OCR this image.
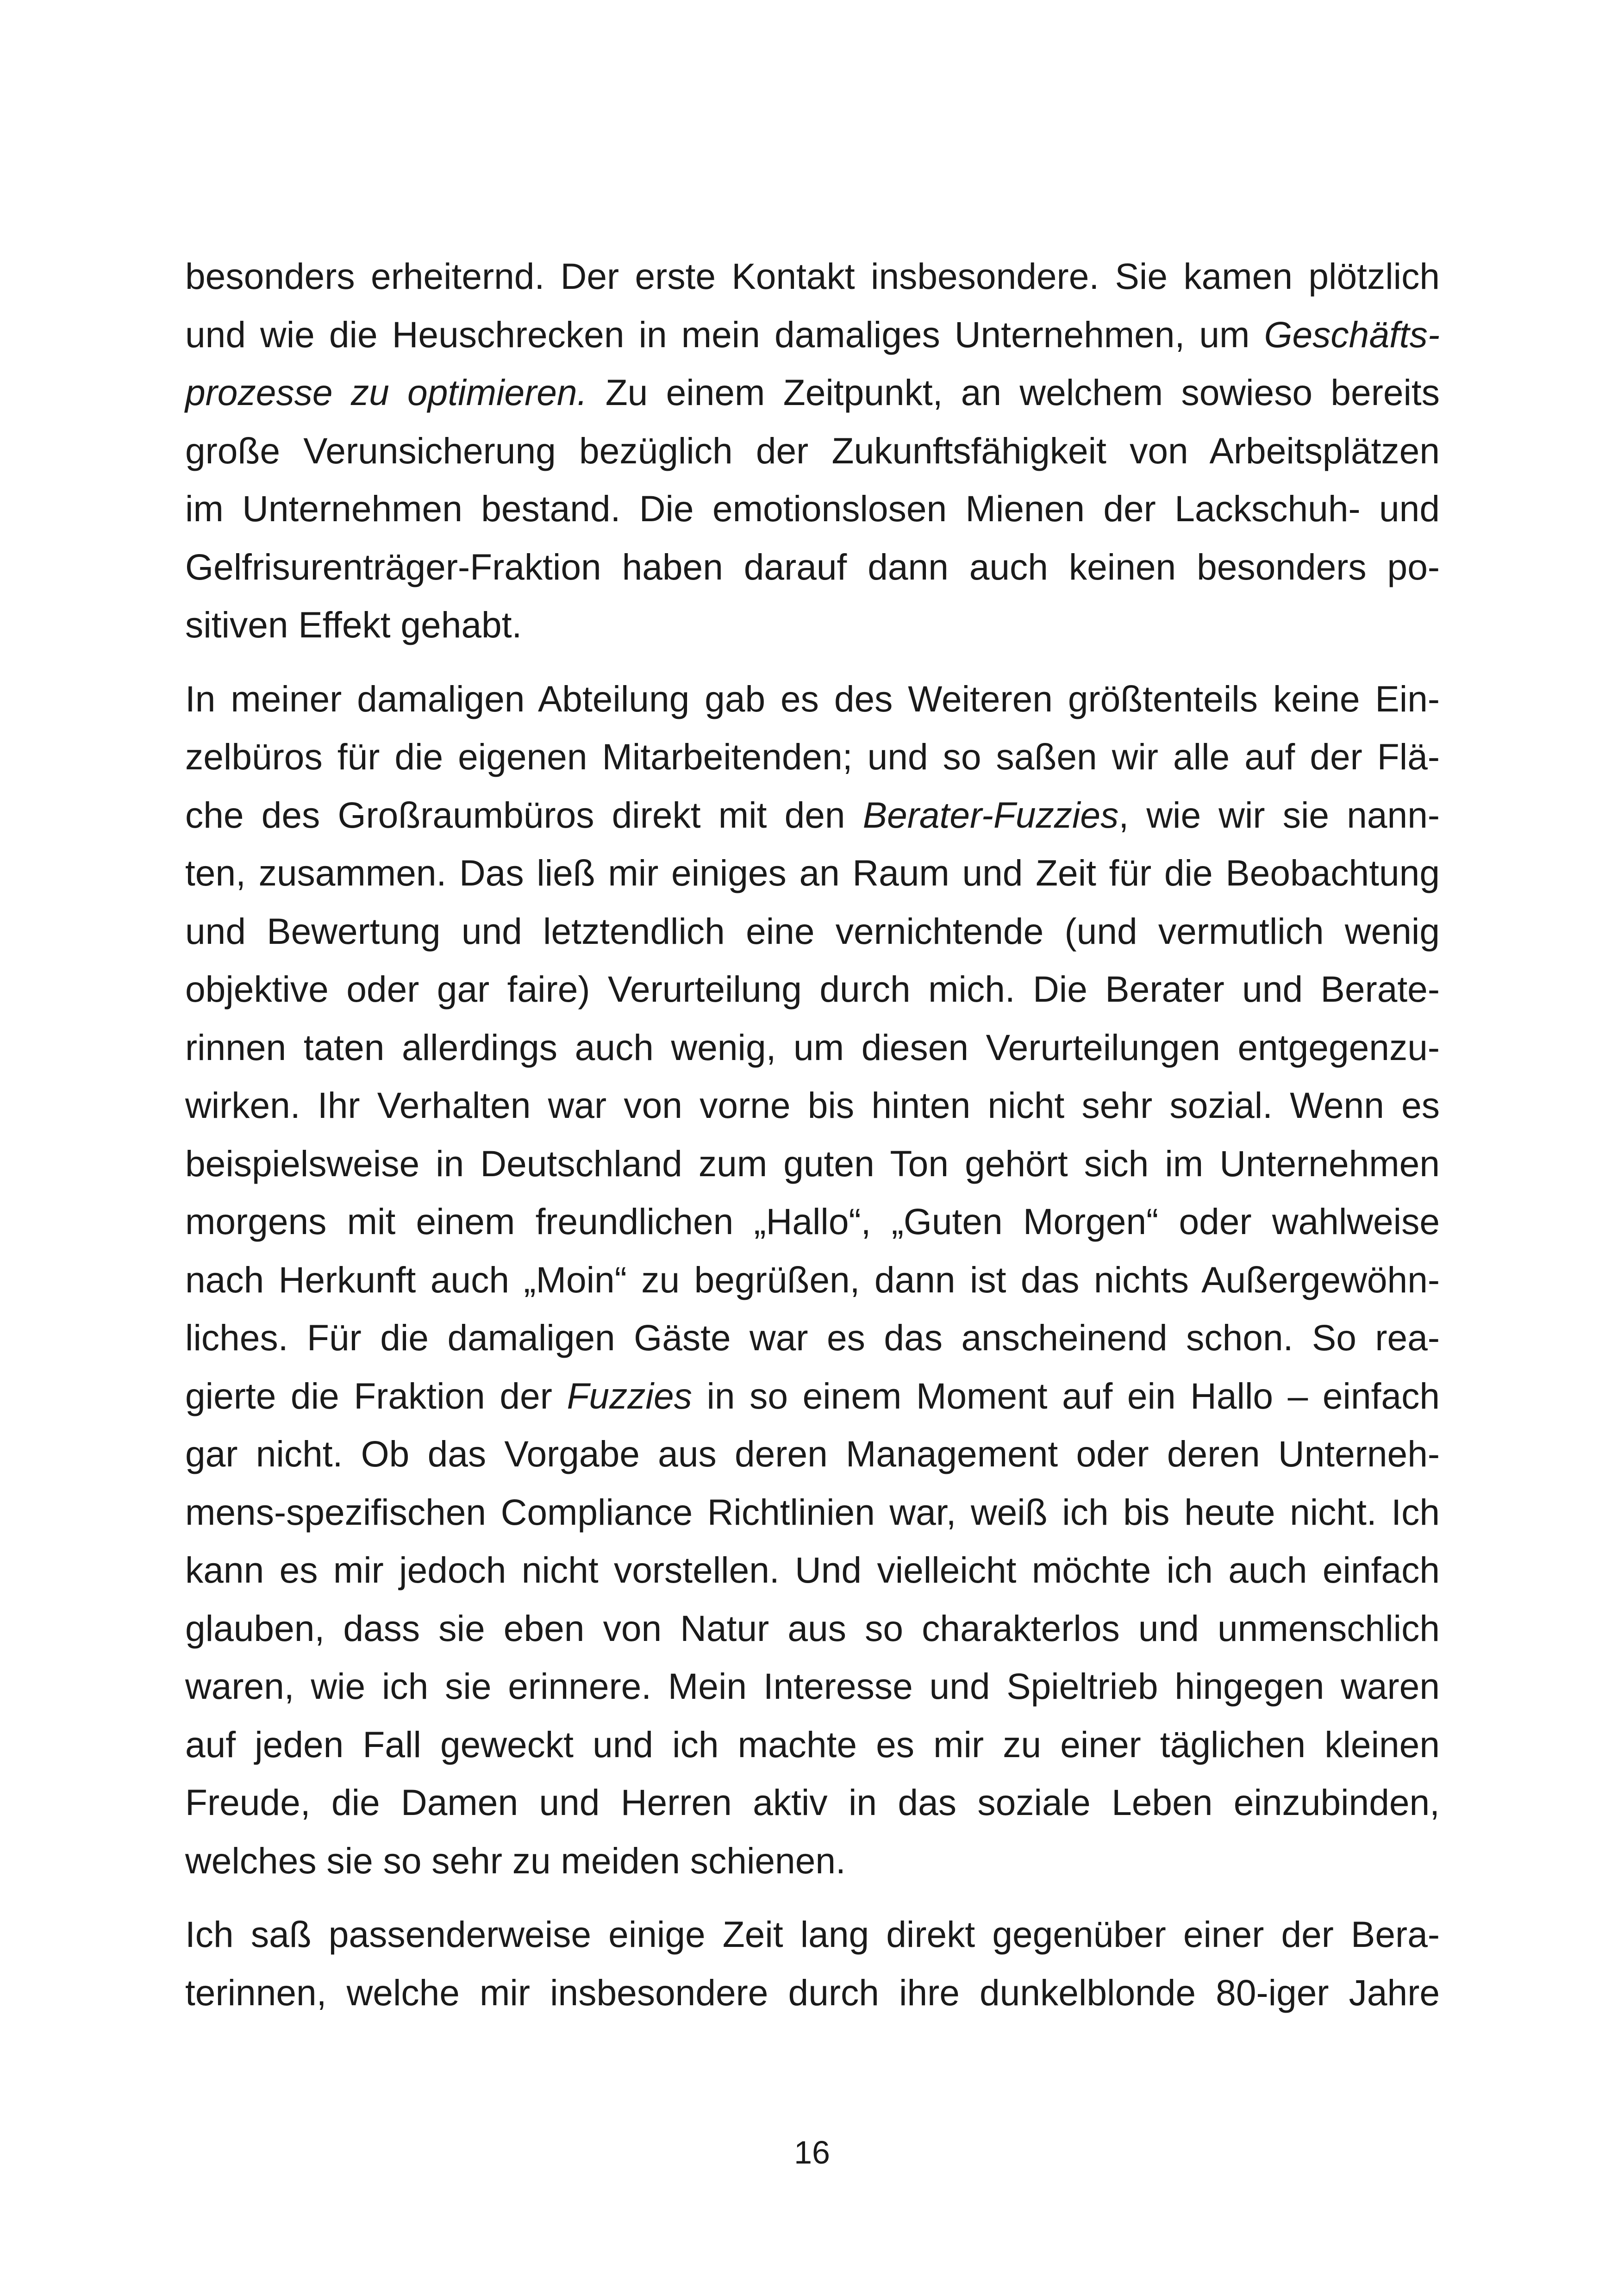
besonders erheiternd. Der erste Kontakt insbesondere. Sie kamen plötzlich
und wie die Heuschrecken in mein damaliges Unternehmen, um Geschäfts-
prozesse zu optimieren. Zu einem Zeitpunkt, an welchem sowieso bereits
große Verunsicherung bezüglich der Zukunftsfähigkeit von Arbeitsplätzen
im Unternehmen bestand. Die emotionslosen Mienen der Lackschuh- und
Gelfrisurenträger-Fraktion haben darauf dann auch keinen besonders po-
sitiven Effekt gehabt.
In meiner damaligen Abteilung gab es des Weiteren größtenteils keine Ein-
zelbüros für die eigenen Mitarbeitenden; und so saßen wir alle auf der Flä-
che des Großraumbüros direkt mit den Berater-Fuzzies, wie wir sie nann-
ten, zusammen. Das ließ mir einiges an Raum und Zeit für die Beobachtung
und Bewertung und letztendlich eine vernichtende (und vermutlich wenig
objektive oder gar faire) Verurteilung durch mich. Die Berater und Berate-
rinnen taten allerdings auch wenig, um diesen Verurteilungen entgegenzu-
wirken. Ihr Verhalten war von vorne bis hinten nicht sehr sozial. Wenn es
beispielsweise in Deutschland zum guten Ton gehört sich im Unternehmen
morgens mit einem freundlichen „Hallo“, „Guten Morgen“ oder wahlweise
nach Herkunft auch „Moin“ zu begrüßen, dann ist das nichts Außergewöhn-
liches. Für die damaligen Gäste war es das anscheinend schon. So rea-
gierte die Fraktion der Fuzzies in so einem Moment auf ein Hallo – einfach
gar nicht. Ob das Vorgabe aus deren Management oder deren Unterneh-
mens-spezifischen Compliance Richtlinien war, weiß ich bis heute nicht. Ich
kann es mir jedoch nicht vorstellen. Und vielleicht möchte ich auch einfach
glauben, dass sie eben von Natur aus so charakterlos und unmenschlich
waren, wie ich sie erinnere. Mein Interesse und Spieltrieb hingegen waren
auf jeden Fall geweckt und ich machte es mir zu einer täglichen kleinen
Freude, die Damen und Herren aktiv in das soziale Leben einzubinden,
welches sie so sehr zu meiden schienen.
Ich saß passenderweise einige Zeit lang direkt gegenüber einer der Bera-
terinnen, welche mir insbesondere durch ihre dunkelblonde 80-iger Jahre
16
